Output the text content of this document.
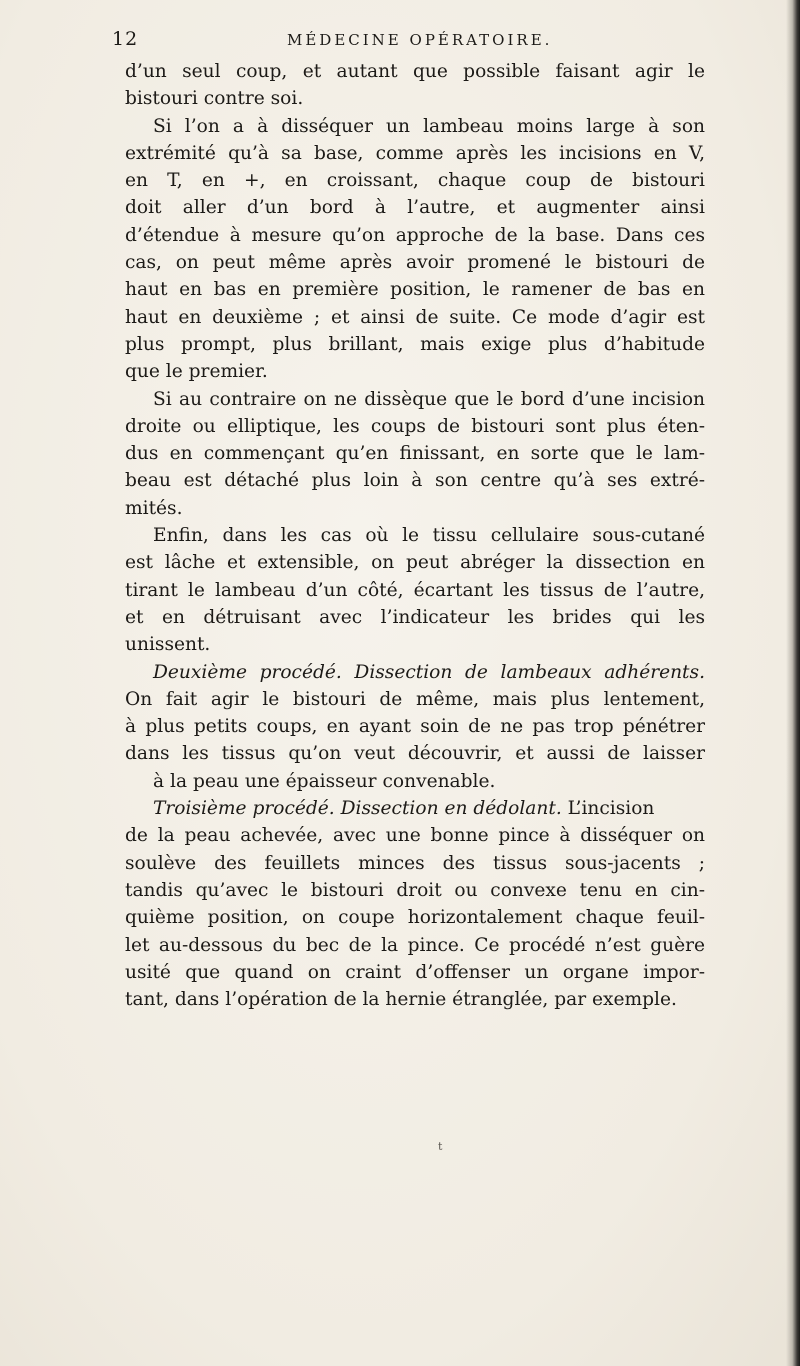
12	MÉDECINE OPÉRATOIRE.
d’un seul coup, et autant que possible faisant agir le
bistouri contre soi.
Si l’on a à disséquer un lambeau moins large à son
extrémité qu’à sa base, comme après les incisions en V,
en T, en +, en croissant, chaque coup de bistouri
doit aller d’un bord à l’autre, et augmenter ainsi
d’étendue à mesure qu’on approche de la base. Dans ces
cas, on peut même après avoir promené le bistouri de
haut en bas en première position, le ramener de bas en
haut en deuxième ; et ainsi de suite. Ce mode d’agir est
plus prompt, plus brillant, mais exige plus d’habitude
que le premier.
Si au contraire on ne dissèque que le bord d’une incision
droite ou elliptique, les coups de bistouri sont plus éten-
dus en commençant qu’en finissant, en sorte que le lam-
beau est détaché plus loin à son centre qu’à ses extré-
mités.
Enfin, dans les cas où le tissu cellulaire sous-cutané
est lâche et extensible, on peut abréger la dissection en
tirant le lambeau d’un côté, écartant les tissus de l’autre,
et en détruisant avec l’indicateur les brides qui les
unissent.
Deuxième procédé. Dissection de lambeaux adhérents.
On fait agir le bistouri de même, mais plus lentement,
à plus petits coups, en ayant soin de ne pas trop pénétrer
dans les tissus qu’on veut découvrir, et aussi de laisser
à la peau une épaisseur convenable.
Troisième procédé. Dissection en dédolant. L’incision
de la peau achevée, avec une bonne pince à disséquer on
soulève des feuillets minces des tissus sous-jacents ;
tandis qu’avec le bistouri droit ou convexe tenu en cin-
quième position, on coupe horizontalement chaque feuil-
let au-dessous du bec de la pince. Ce procédé n’est guère
usité que quand on craint d’offenser un organe impor-
tant, dans l’opération de la hernie étranglée, par exemple.
t
